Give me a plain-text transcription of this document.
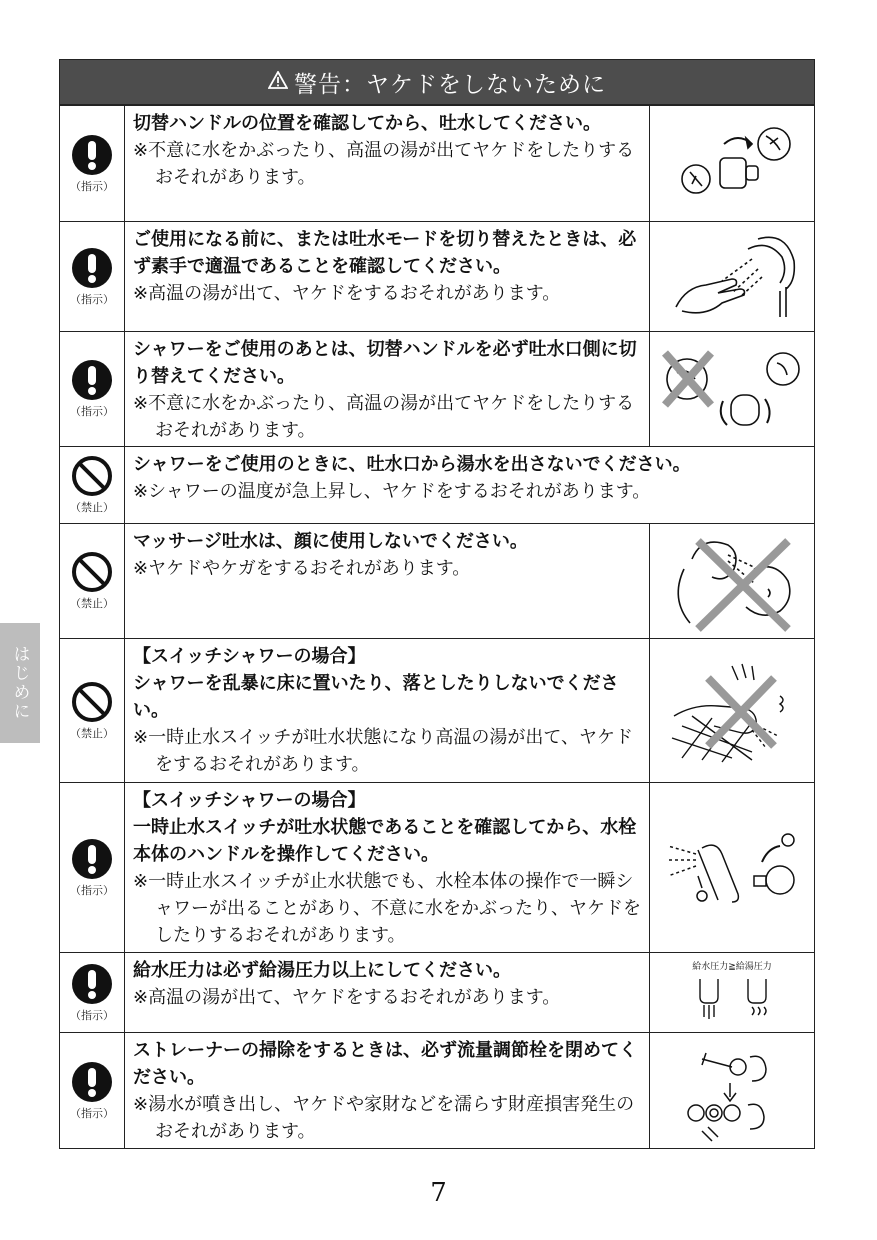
警告：ヤケドをしないために
（指示）
切替ハンドルの位置を確認してから、吐水してください。
※不意に水をかぶったり、高温の湯が出てヤケドをしたりするおそれがあります。
（指示）
ご使用になる前に、または吐水モードを切り替えたときは、必ず素手で適温であることを確認してください。
※高温の湯が出て、ヤケドをするおそれがあります。
（指示）
シャワーをご使用のあとは、切替ハンドルを必ず吐水口側に切り替えてください。
※不意に水をかぶったり、高温の湯が出てヤケドをしたりするおそれがあります。
（禁止）
シャワーをご使用のときに、吐水口から湯水を出さないでください。
※シャワーの温度が急上昇し、ヤケドをするおそれがあります。
（禁止）
マッサージ吐水は、顔に使用しないでください。
※ヤケドやケガをするおそれがあります。
（禁止）
【スイッチシャワーの場合】
シャワーを乱暴に床に置いたり、落としたりしないでください。
※一時止水スイッチが吐水状態になり高温の湯が出て、ヤケドをするおそれがあります。
（指示）
【スイッチシャワーの場合】
一時止水スイッチが吐水状態であることを確認してから、水栓本体のハンドルを操作してください。
※一時止水スイッチが止水状態でも、水栓本体の操作で一瞬シャワーが出ることがあり、不意に水をかぶったり、ヤケドをしたりするおそれがあります。
（指示）
給水圧力は必ず給湯圧力以上にしてください。
※高温の湯が出て、ヤケドをするおそれがあります。
給水圧力≧給湯圧力
（指示）
ストレーナーの掃除をするときは、必ず流量調節栓を閉めてください。
※湯水が噴き出し、ヤケドや家財などを濡らす財産損害発生のおそれがあります。
はじめに
7
